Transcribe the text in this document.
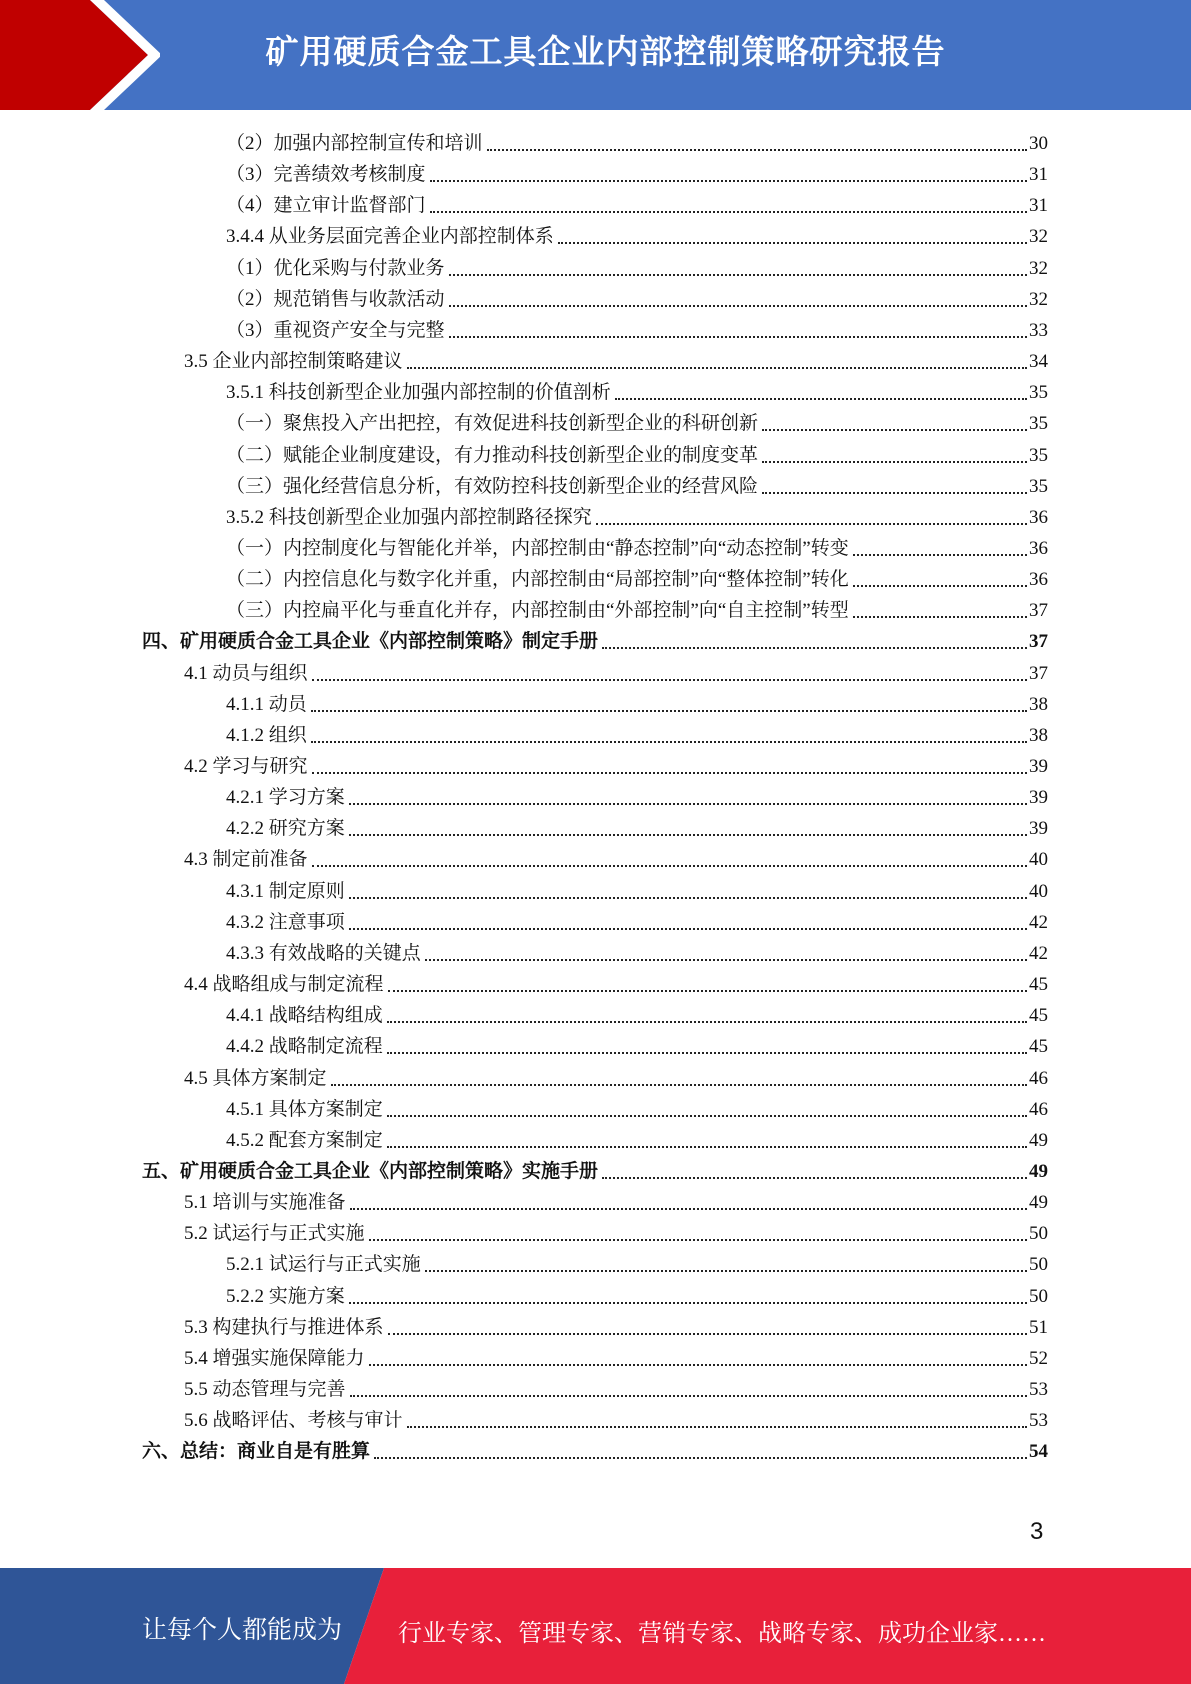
矿用硬质合金工具企业内部控制策略研究报告
（2）加强内部控制宣传和培训	30
（3）完善绩效考核制度	31
（4）建立审计监督部门	31
3.4.4 从业务层面完善企业内部控制体系	32
（1）优化采购与付款业务	32
（2）规范销售与收款活动	32
（3）重视资产安全与完整	33
3.5 企业内部控制策略建议	34
3.5.1 科技创新型企业加强内部控制的价值剖析	35
（一）聚焦投入产出把控，有效促进科技创新型企业的科研创新	35
（二）赋能企业制度建设，有力推动科技创新型企业的制度变革	35
（三）强化经营信息分析，有效防控科技创新型企业的经营风险	35
3.5.2 科技创新型企业加强内部控制路径探究	36
（一）内控制度化与智能化并举，内部控制由“静态控制”向“动态控制”转变	36
（二）内控信息化与数字化并重，内部控制由“局部控制”向“整体控制”转化	36
（三）内控扁平化与垂直化并存，内部控制由“外部控制”向“自主控制”转型	37
四、矿用硬质合金工具企业《内部控制策略》制定手册	37
4.1 动员与组织	37
4.1.1 动员	38
4.1.2 组织	38
4.2 学习与研究	39
4.2.1 学习方案	39
4.2.2 研究方案	39
4.3 制定前准备	40
4.3.1 制定原则	40
4.3.2 注意事项	42
4.3.3 有效战略的关键点	42
4.4 战略组成与制定流程	45
4.4.1 战略结构组成	45
4.4.2 战略制定流程	45
4.5 具体方案制定	46
4.5.1 具体方案制定	46
4.5.2 配套方案制定	49
五、矿用硬质合金工具企业《内部控制策略》实施手册	49
5.1 培训与实施准备	49
5.2 试运行与正式实施	50
5.2.1 试运行与正式实施	50
5.2.2 实施方案	50
5.3 构建执行与推进体系	51
5.4 增强实施保障能力	52
5.5 动态管理与完善	53
5.6 战略评估、考核与审计	53
六、总结：商业自是有胜算	54
3
让每个人都能成为 行业专家、管理专家、营销专家、战略专家、成功企业家……
